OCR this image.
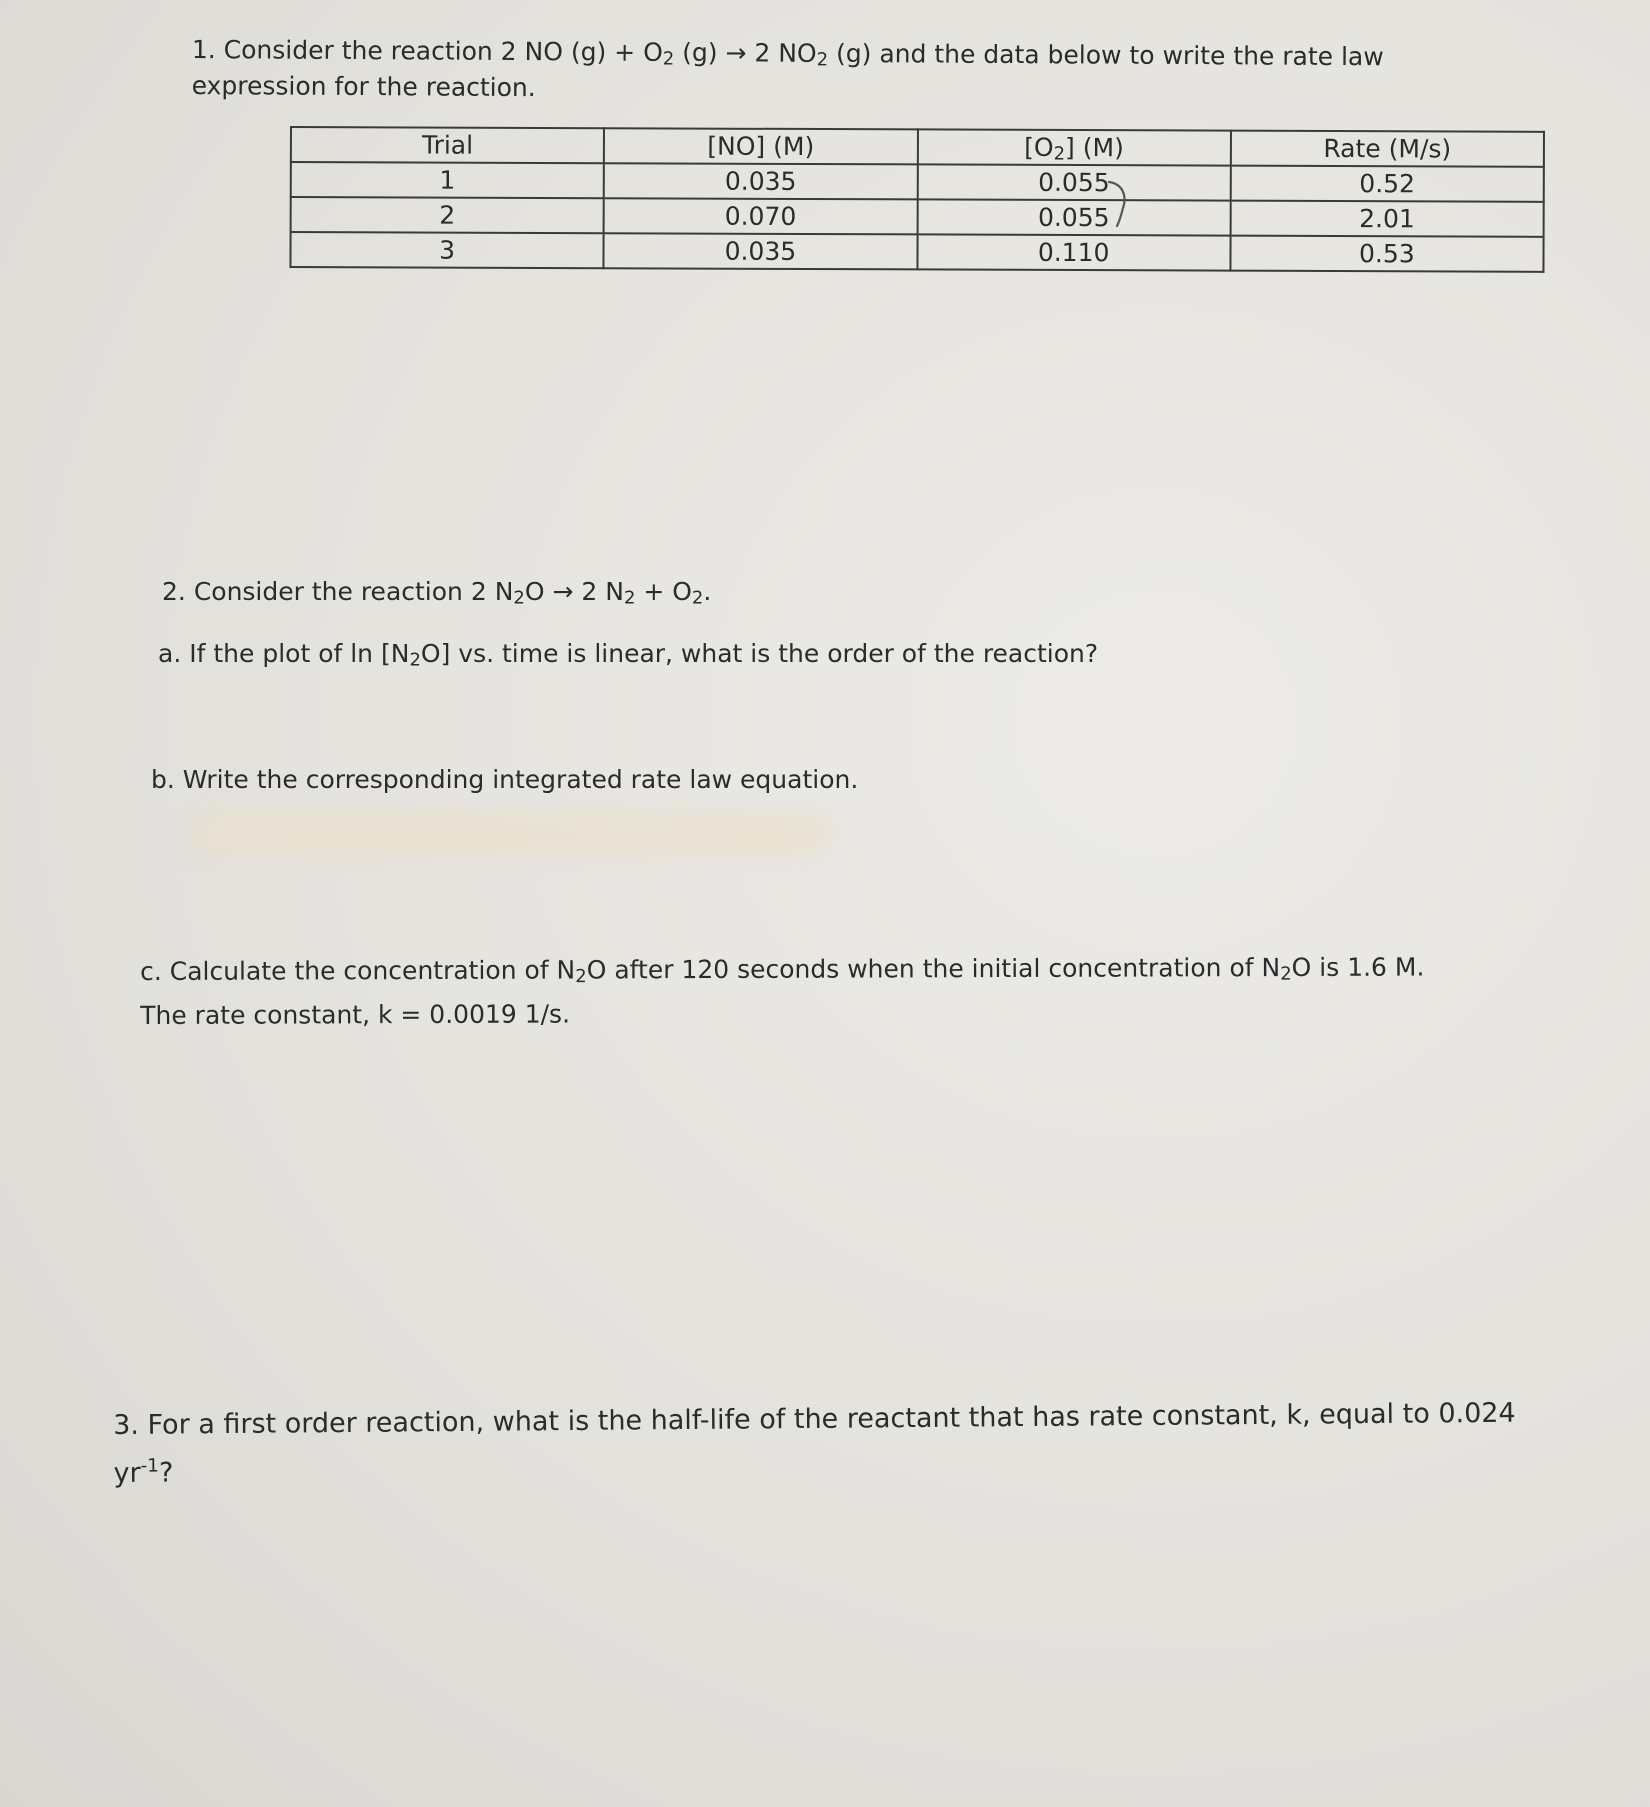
1. Consider the reaction 2 NO $(g) + O_2$ (g) → 2 $NO_2$ (g) and the data below to write the rate law
expression for the reaction.
Trial	[NO] (M)	$[O_2]$ (M)	Rate (M/s)
1	0.035	0.055	0.52
2	0.070	0.055	2.01
3	0.035	0.110	0.53
2. Consider the reaction 2 $N_2O \to 2$ $N_2 + O_2$.
a. If the plot of $\ln [N_2O]$ vs. time is linear, what is the order of the reaction?
b. Write the corresponding integrated rate law equation.
c. Calculate the concentration of $N_2O$ after 120 seconds when the initial concentration of $N_2O$ is 1.6 M.
The rate constant, k = 0.0019 1/s.
3. For a first order reaction, what is the half-life of the reactant that has rate constant, k, equal to 0.024
$yr^{-1}$?
